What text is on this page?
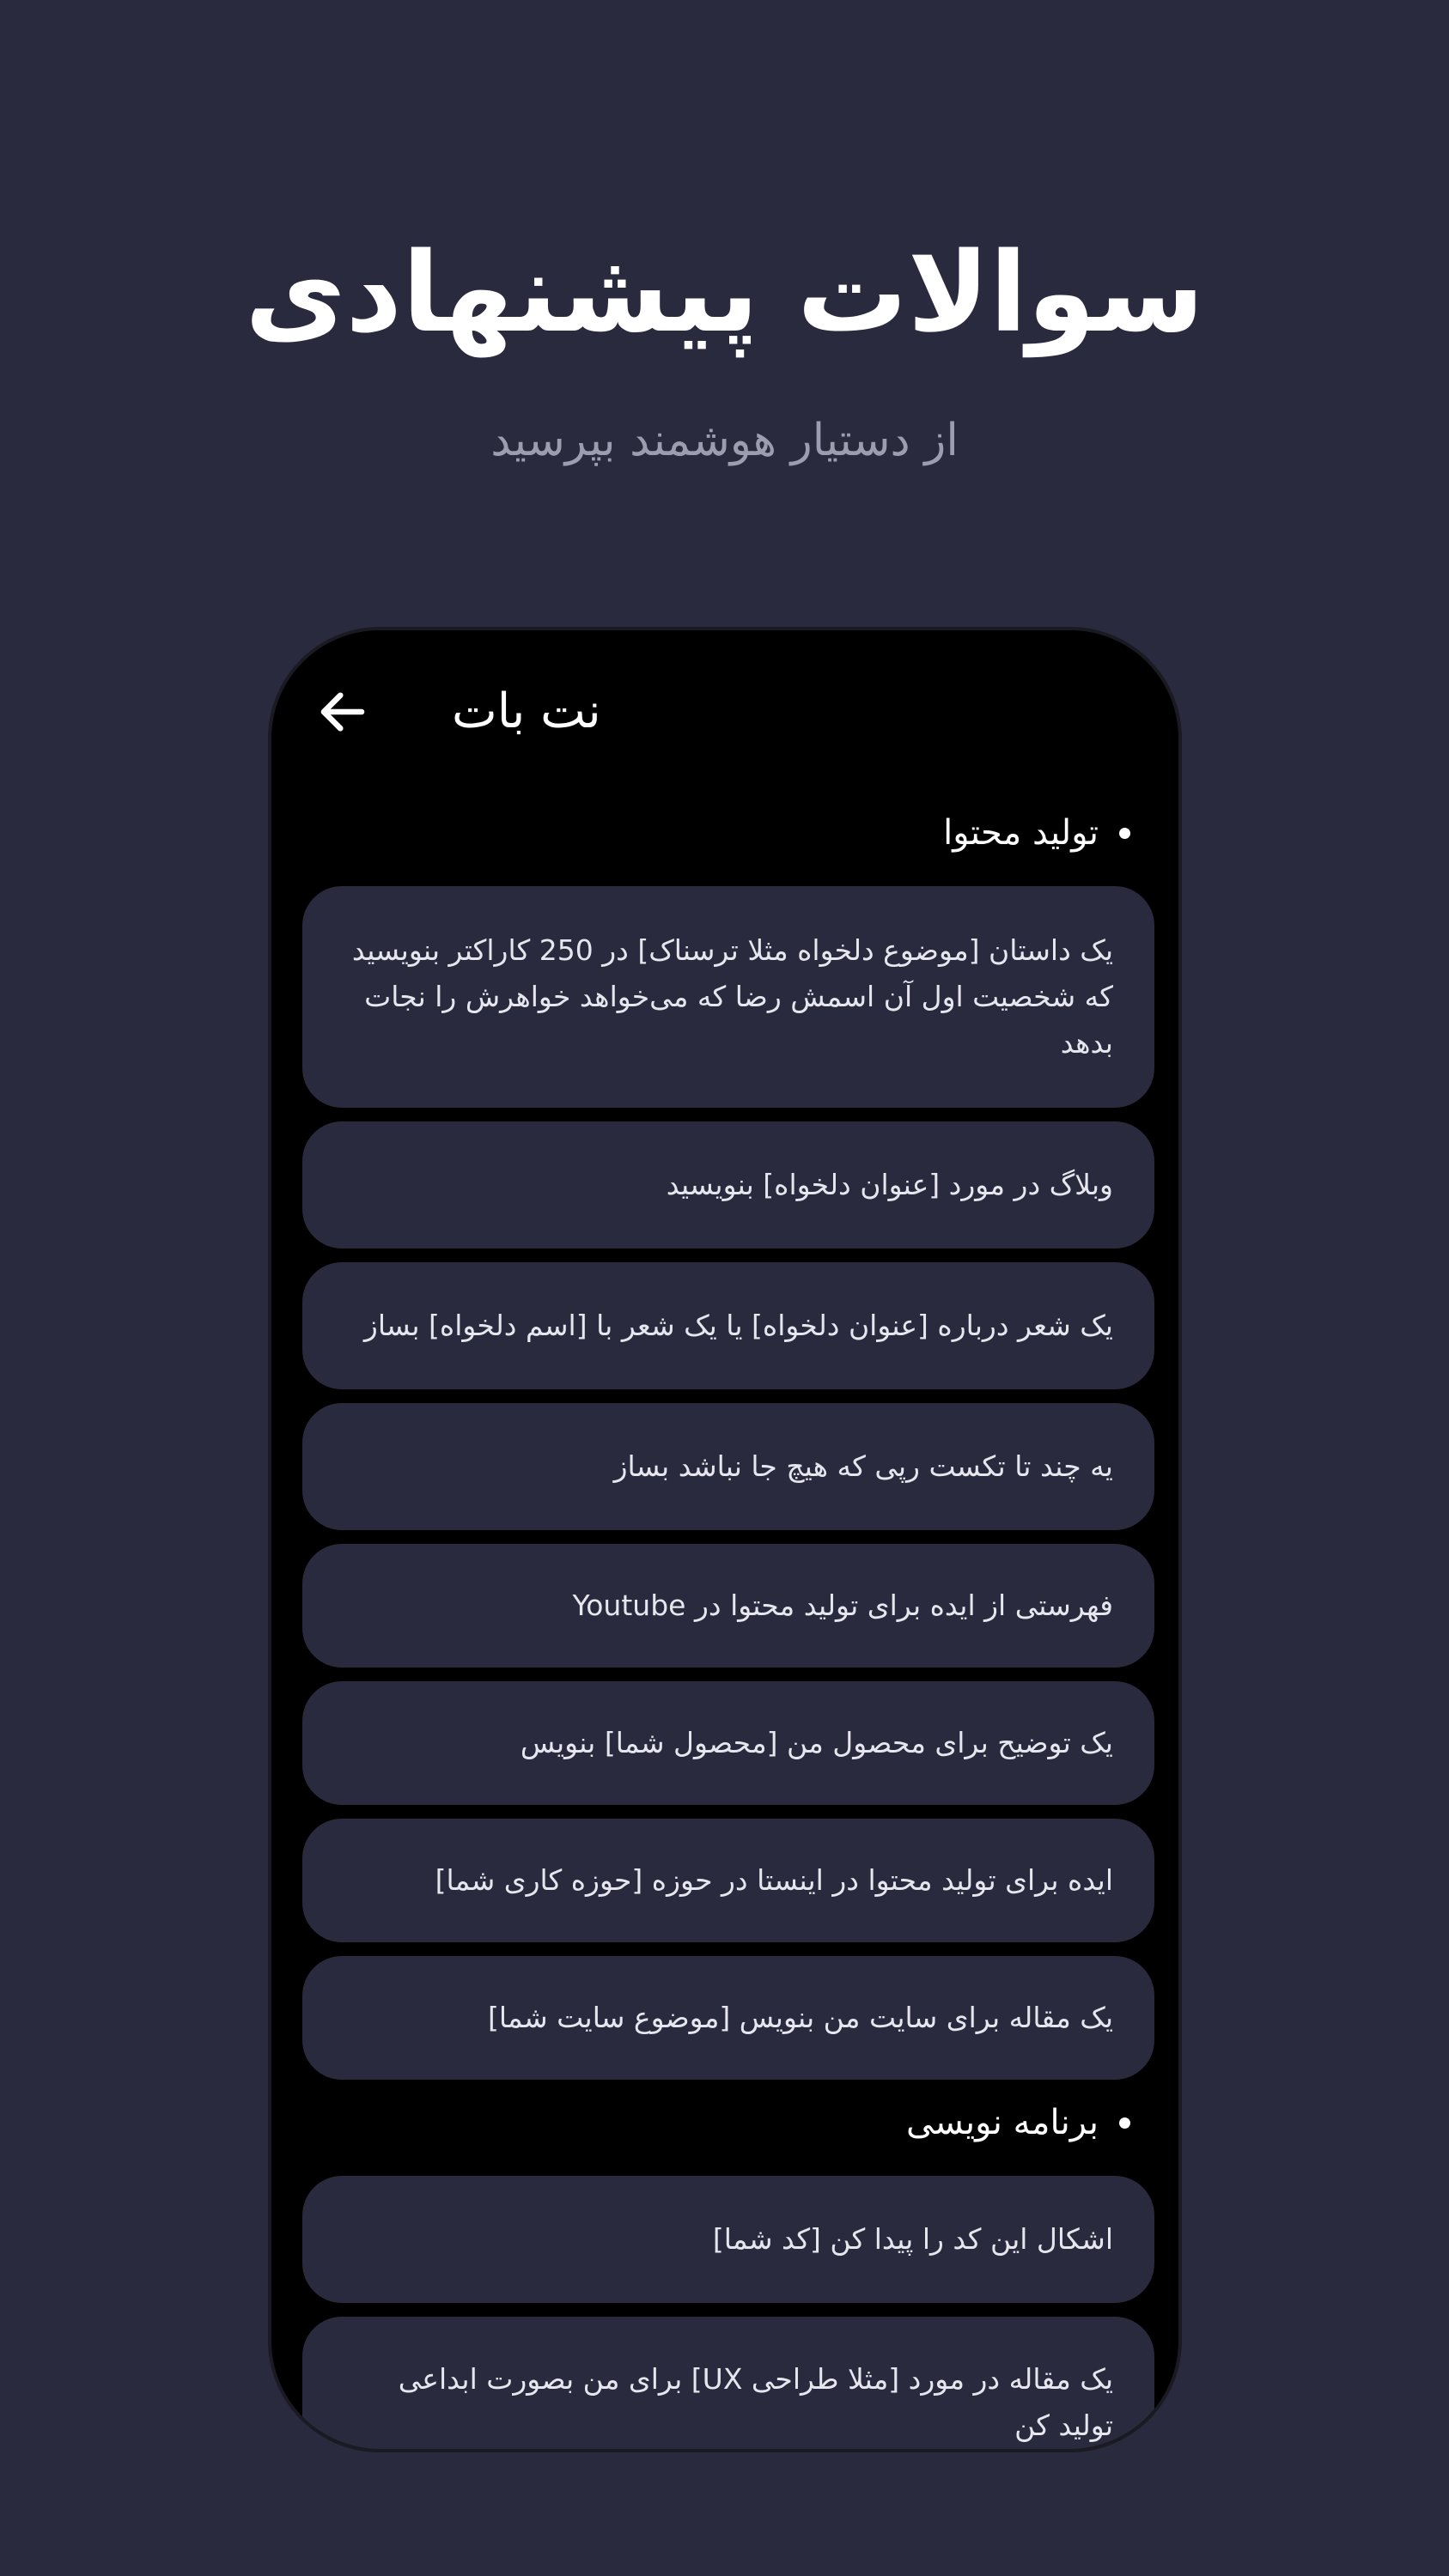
سوالات پیشنهادی

از دستیار هوشمند بپرسید

نت بات
تولید محتوا
یک داستان [موضوع دلخواه مثلا ترسناک] در 250 کاراکتر بنویسید که شخصیت اول آن اسمش رضا که می‌خواهد خواهرش را نجات بدهد
وبلاگ در مورد [عنوان دلخواه] بنویسید
یک شعر درباره [عنوان دلخواه] یا یک شعر با [اسم دلخواه] بساز
یه چند تا تکست رپی که هیچ جا نباشد بساز
فهرستی از ایده برای تولید محتوا در Youtube
یک توضیح برای محصول من [محصول شما] بنویس
ایده برای تولید محتوا در اینستا در حوزه [حوزه کاری شما]
یک مقاله برای سایت من بنویس [موضوع سایت شما]
برنامه نویسی
اشکال این کد را پیدا کن [کد شما]
یک مقاله در مورد [مثلا طراحی UX] برای من بصورت ابداعی تولید کن
